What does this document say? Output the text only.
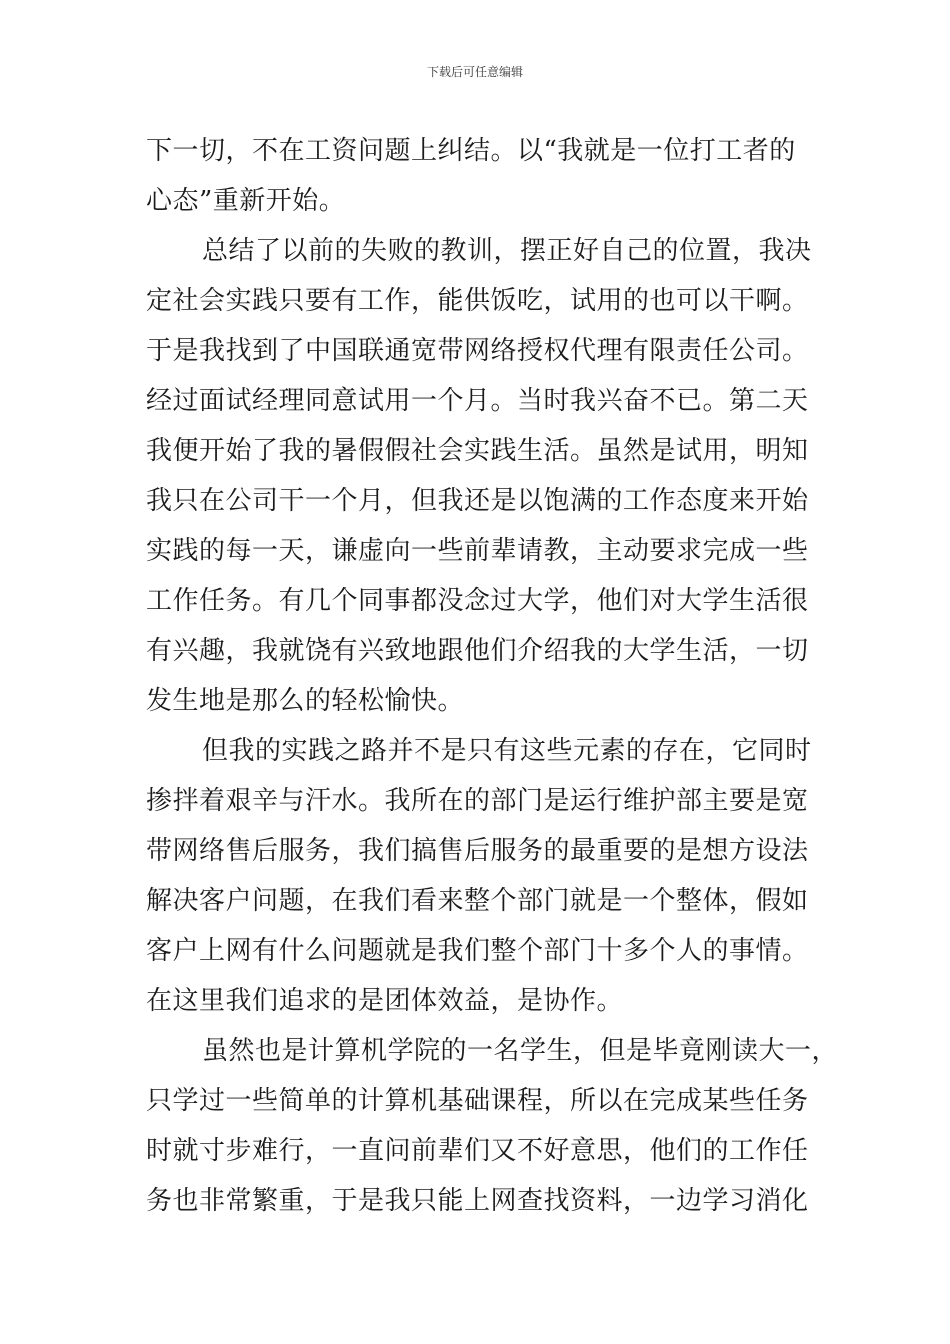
下载后可任意编辑
下一切，不在工资问题上纠结。以“我就是一位打工者的
心态”重新开始。
总结了以前的失败的教训，摆正好自己的位置，我决
定社会实践只要有工作，能供饭吃，试用的也可以干啊。
于是我找到了中国联通宽带网络授权代理有限责任公司。
经过面试经理同意试用一个月。当时我兴奋不已。第二天
我便开始了我的暑假假社会实践生活。虽然是试用，明知
我只在公司干一个月，但我还是以饱满的工作态度来开始
实践的每一天，谦虚向一些前辈请教，主动要求完成一些
工作任务。有几个同事都没念过大学，他们对大学生活很
有兴趣，我就饶有兴致地跟他们介绍我的大学生活，一切
发生地是那么的轻松愉快。
但我的实践之路并不是只有这些元素的存在，它同时
掺拌着艰辛与汗水。我所在的部门是运行维护部主要是宽
带网络售后服务，我们搞售后服务的最重要的是想方设法
解决客户问题，在我们看来整个部门就是一个整体，假如
客户上网有什么问题就是我们整个部门十多个人的事情。
在这里我们追求的是团体效益，是协作。
虽然也是计算机学院的一名学生，但是毕竟刚读大一，
只学过一些简单的计算机基础课程，所以在完成某些任务
时就寸步难行，一直问前辈们又不好意思，他们的工作任
务也非常繁重，于是我只能上网查找资料，一边学习消化
